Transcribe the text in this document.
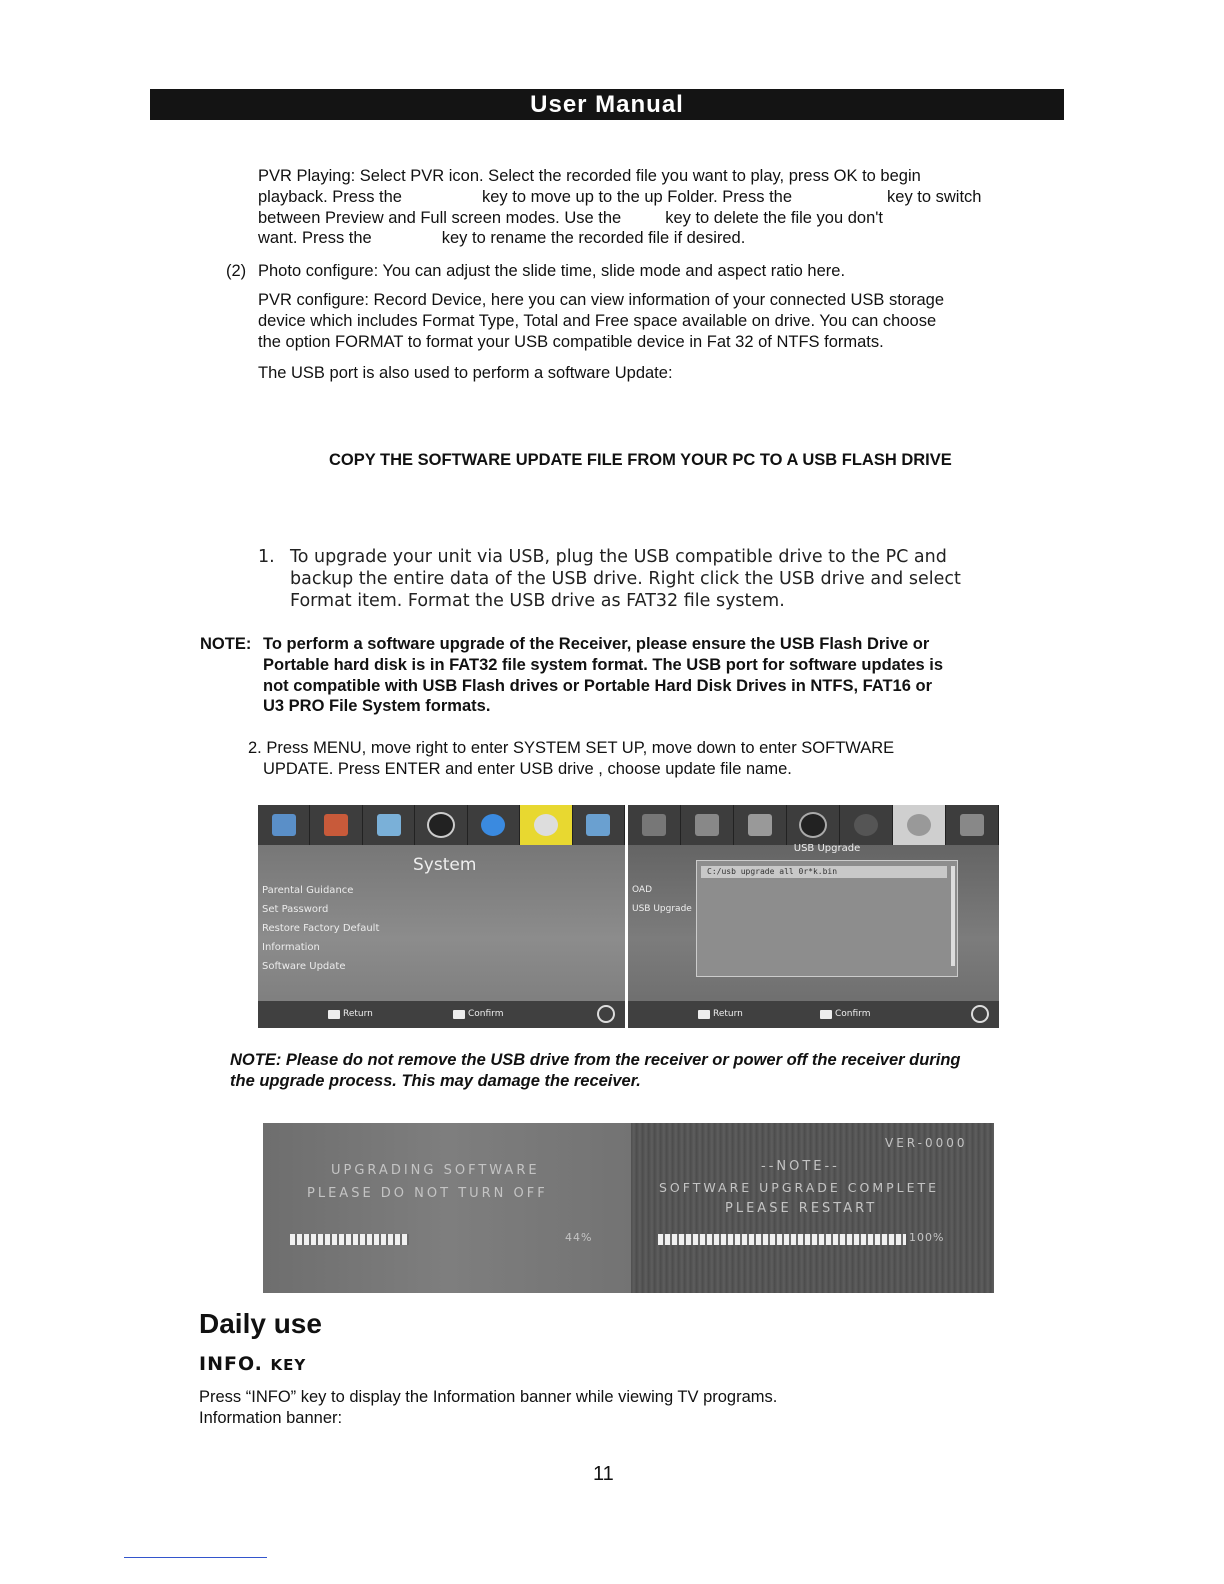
User Manual
PVR Playing: Select PVR icon. Select the recorded file you want to play, press OK to begin
playback. Press the	key to move up to the up Folder. Press the	key to switch
between Preview and Full screen modes. Use the	key to delete the file you don't
want. Press the	key to rename the recorded file if desired.
(2) Photo configure: You can adjust the slide time, slide mode and aspect ratio here.
PVR configure: Record Device, here you can view information of your connected USB storage
device which includes Format Type, Total and Free space available on drive. You can choose
the option FORMAT to format your USB compatible device in Fat 32 of NTFS formats.
The USB port is also used to perform a software Update:
COPY THE SOFTWARE UPDATE FILE FROM YOUR PC TO A USB FLASH DRIVE
1. To upgrade your unit via USB, plug the USB compatible drive to the PC and
backup the entire data of the USB drive. Right click the USB drive and select
Format item. Format the USB drive as FAT32 file system.
NOTE: To perform a software upgrade of the Receiver, please ensure the USB Flash Drive or
Portable hard disk is in FAT32 file system format. The USB port for software updates is
not compatible with USB Flash drives or Portable Hard Disk Drives in NTFS, FAT16 or
U3 PRO File System formats.
2. Press MENU, move right to enter SYSTEM SET UP, move down to enter SOFTWARE
UPDATE. Press ENTER and enter USB drive , choose update file name.
System
Parental Guidance
Set Password
Restore Factory Default
Information
Software Update
Return	Confirm
OAD
USB Upgrade
USB Upgrade
C:/usb upgrade all 0r*k.bin
Return	Confirm
NOTE: Please do not remove the USB drive from the receiver or power off the receiver during
the upgrade process. This may damage the receiver.
UPGRADING SOFTWARE
PLEASE DO NOT TURN OFF
44%
VER-0000
--NOTE--
SOFTWARE UPGRADE COMPLETE
PLEASE RESTART
100%
Daily use
INFO. KEY
Press “INFO” key to display the Information banner while viewing TV programs.
Information banner:
11
